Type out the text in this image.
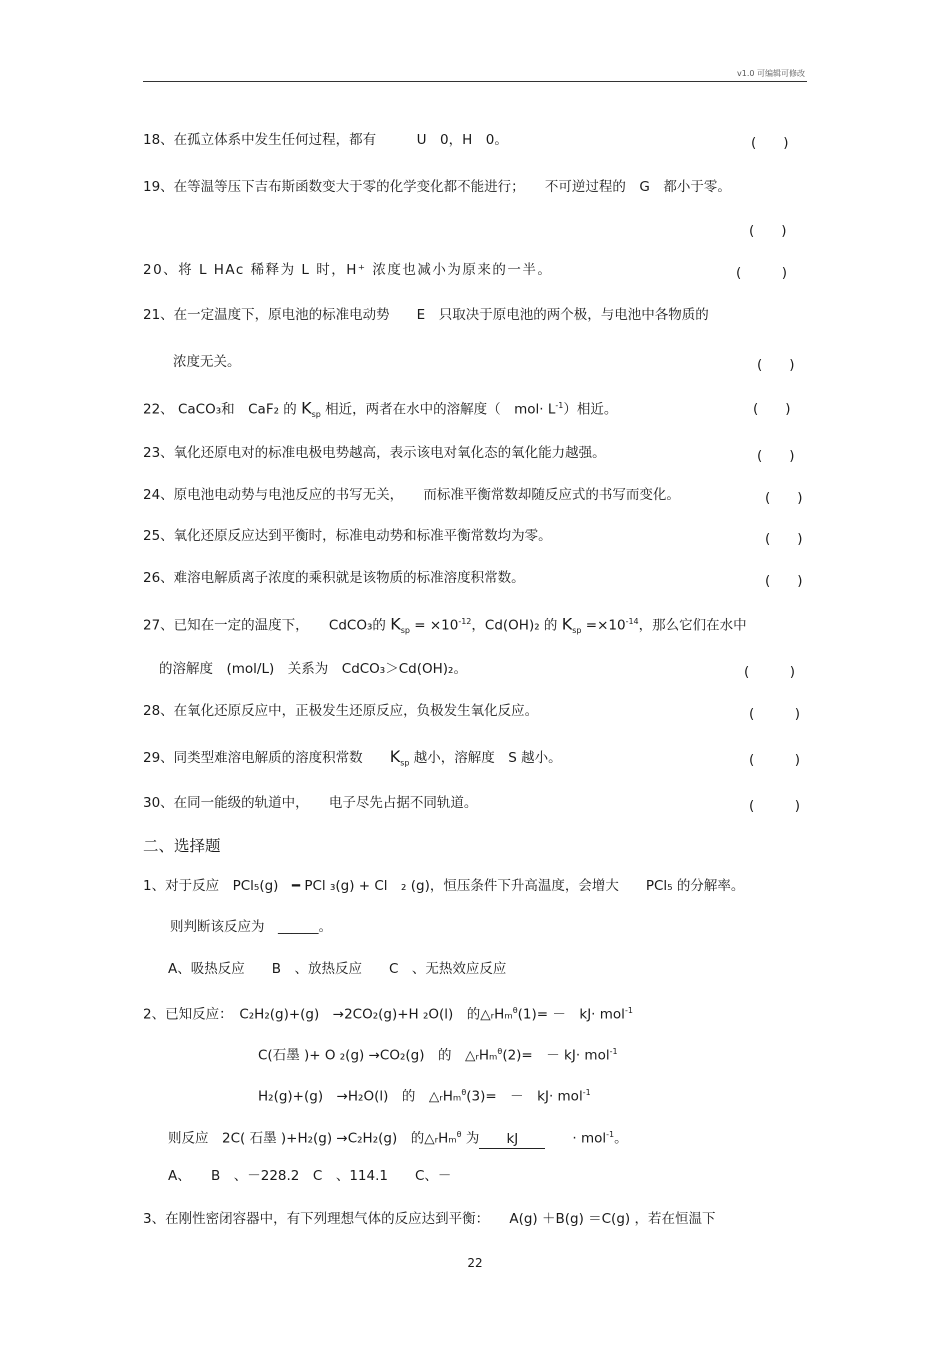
v1.0 可编辑可修改
18、在孤立体系中发生任何过程，都有　　　U　0，H　0。	(　　)
19、在等温等压下吉布斯函数变大于零的化学变化都不能进行；　　不可逆过程的　G　都小于零。
(　　)
20、将 L HAc 稀释为 L 时，H⁺ 浓度也减小为原来的一半。	(　　　)
21、在一定温度下，原电池的标准电动势　　E　只取决于原电池的两个极，与电池中各物质的
浓度无关。	(　　)
22、 CaCO₃和　CaF₂ 的 $K_{sp}$ 相近，两者在水中的溶解度（　$mol\cdot L^{-1}$）相近。	(　　)
23、氧化还原电对的标准电极电势越高，表示该电对氧化态的氧化能力越强。	(　　)
24、原电池电动势与电池反应的书写无关，　　而标准平衡常数却随反应式的书写而变化。	(　　)
25、氧化还原反应达到平衡时，标准电动势和标准平衡常数均为零。	(　　)
26、难溶电解质离子浓度的乘积就是该物质的标准溶度积常数。	(　　)
27、已知在一定的温度下，　　CdCO₃的 $K_{sp} = \times 10^{-12}$，Cd(OH)₂ 的 $K_{sp} =\times 10^{-14}$，那么它们在水中
的溶解度　(mol/L)　关系为　CdCO₃＞Cd(OH)₂。	(　　　)
28、在氧化还原反应中，正极发生还原反应，负极发生氧化反应。	(　　　)
29、同类型难溶电解质的溶度积常数　　$K_{sp}$ 越小，溶解度　S 越小。	(　　　)
30、在同一能级的轨道中，　　电子尽先占据不同轨道。	(　　　)
二、选择题
1、对于反应　PCl₅(g)　━ PCl ₃(g) + Cl　₂ (g)，恒压条件下升高温度，会增大　　PCl₅ 的分解率。
则判断该反应为　______。
A、吸热反应　　B　、放热反应　　C　、无热效应反应
2、已知反应：　C₂H₂(g)+(g)　→2CO₂(g)+H ₂O(l)　的△ᵣHₘ$^\theta$(1)= －　kJ· mol$^{-1}$
C(石墨 )+ O ₂(g) →CO₂(g)　的　△ᵣHₘ$^\theta$(2)=　－ kJ· mol$^{-1}$
H₂(g)+(g)　→H₂O(l)　的　△ᵣHₘ$^\theta$(3)=　－　kJ· mol$^{-1}$
则反应　2C( 石墨 )+H₂(g) →C₂H₂(g)　的△ᵣHₘ$^\theta$ 为 kJ　　	· mol$^{-1}$。
A、　　B　、－228.2　C　、114.1　　C、－
3、在刚性密闭容器中，有下列理想气体的反应达到平衡：　　A(g) ＋B(g) ＝C(g) ，若在恒温下
22
